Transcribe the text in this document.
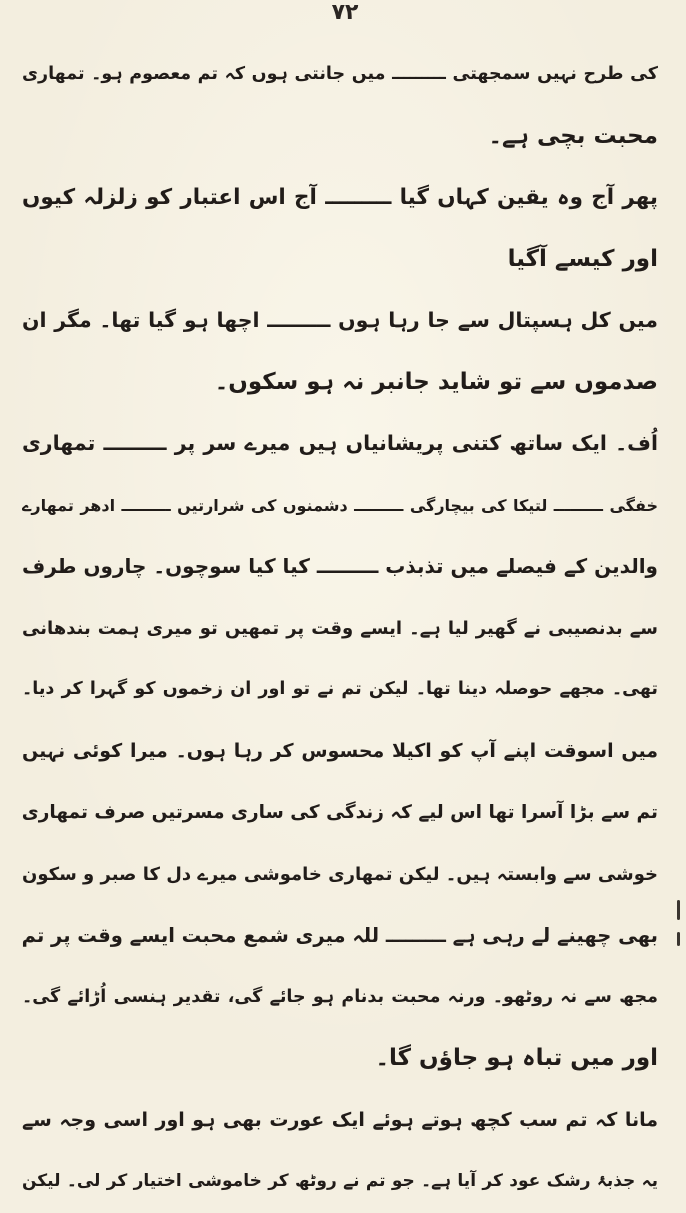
۷۲
کی طرح نہیں سمجھتی ـــــــــ میں جانتی ہوں کہ تم معصوم ہو۔ تمھاری
محبت بچی ہے۔
پھر آج وہ یقین کہاں گیا ـــــــــ آج اس اعتبار کو زلزلہ کیوں
اور کیسے آگیا
میں کل ہسپتال سے جا رہا ہوں ـــــــــ اچھا ہو گیا تھا۔ مگر ان
صدموں سے تو شاید جانبر نہ ہو سکوں۔
اُف۔ ایک ساتھ کتنی پریشانیاں ہیں میرے سر پر ـــــــــ تمھاری
خفگی ـــــــــ لتیکا کی بیچارگی ـــــــــ دشمنوں کی شرارتیں ـــــــــ ادھر تمھارے
والدین کے فیصلے میں تذبذب ـــــــــ کیا کیا سوچوں۔ چاروں طرف
سے بدنصیبی نے گھیر لیا ہے۔ ایسے وقت پر تمھیں تو میری ہمت بندھانی
تھی۔ مجھے حوصلہ دینا تھا۔ لیکن تم نے تو اور ان زخموں کو گہرا کر دیا۔
میں اسوقت اپنے آپ کو اکیلا محسوس کر رہا ہوں۔ میرا کوئی نہیں
تم سے بڑا آسرا تھا اس لیے کہ زندگی کی ساری مسرتیں صرف تمھاری
خوشی سے وابستہ ہیں۔ لیکن تمھاری خاموشی میرے دل کا صبر و سکون
بھی چھینے لے رہی ہے ـــــــــ للہ میری شمع محبت ایسے وقت پر تم
مجھ سے نہ روٹھو۔ ورنہ محبت بدنام ہو جائے گی، تقدیر ہنسی اُڑائے گی۔
اور میں تباہ ہو جاؤں گا۔
مانا کہ تم سب کچھ ہوتے ہوئے ایک عورت بھی ہو اور اسی وجہ سے
یہ جذبۂ رشک عود کر آیا ہے۔ جو تم نے روٹھ کر خاموشی اختیار کر لی۔ لیکن
